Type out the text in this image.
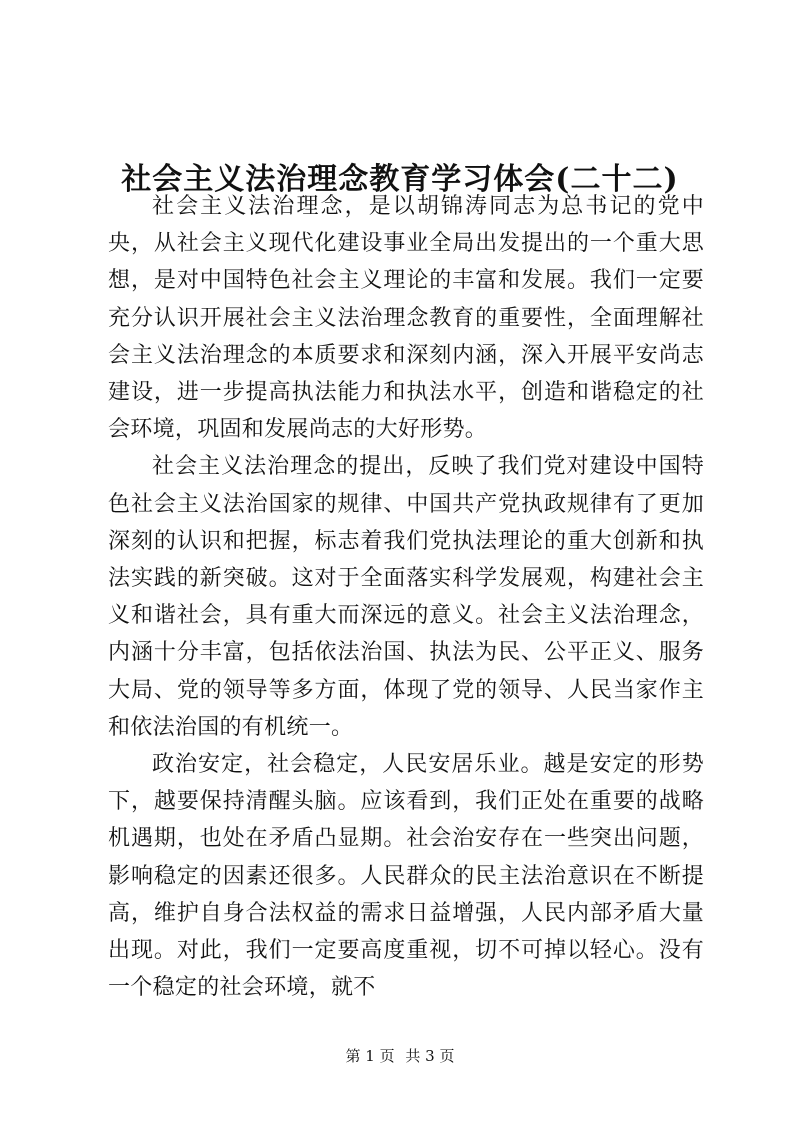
社会主义法治理念教育学习体会(二十二)

社会主义法治理念，是以胡锦涛同志为总书记的党中央，从社会主义现代化建设事业全局出发提出的一个重大思想，是对中国特色社会主义理论的丰富和发展。我们一定要充分认识开展社会主义法治理念教育的重要性，全面理解社会主义法治理念的本质要求和深刻内涵，深入开展平安尚志建设，进一步提高执法能力和执法水平，创造和谐稳定的社会环境，巩固和发展尚志的大好形势。

社会主义法治理念的提出，反映了我们党对建设中国特色社会主义法治国家的规律、中国共产党执政规律有了更加深刻的认识和把握，标志着我们党执法理论的重大创新和执法实践的新突破。这对于全面落实科学发展观，构建社会主义和谐社会，具有重大而深远的意义。社会主义法治理念，内涵十分丰富，包括依法治国、执法为民、公平正义、服务大局、党的领导等多方面，体现了党的领导、人民当家作主和依法治国的有机统一。

政治安定，社会稳定，人民安居乐业。越是安定的形势下，越要保持清醒头脑。应该看到，我们正处在重要的战略机遇期，也处在矛盾凸显期。社会治安存在一些突出问题，影响稳定的因素还很多。人民群众的民主法治意识在不断提高，维护自身合法权益的需求日益增强，人民内部矛盾大量出现。对此，我们一定要高度重视，切不可掉以轻心。没有一个稳定的社会环境，就不

第 1 页 共 3 页
